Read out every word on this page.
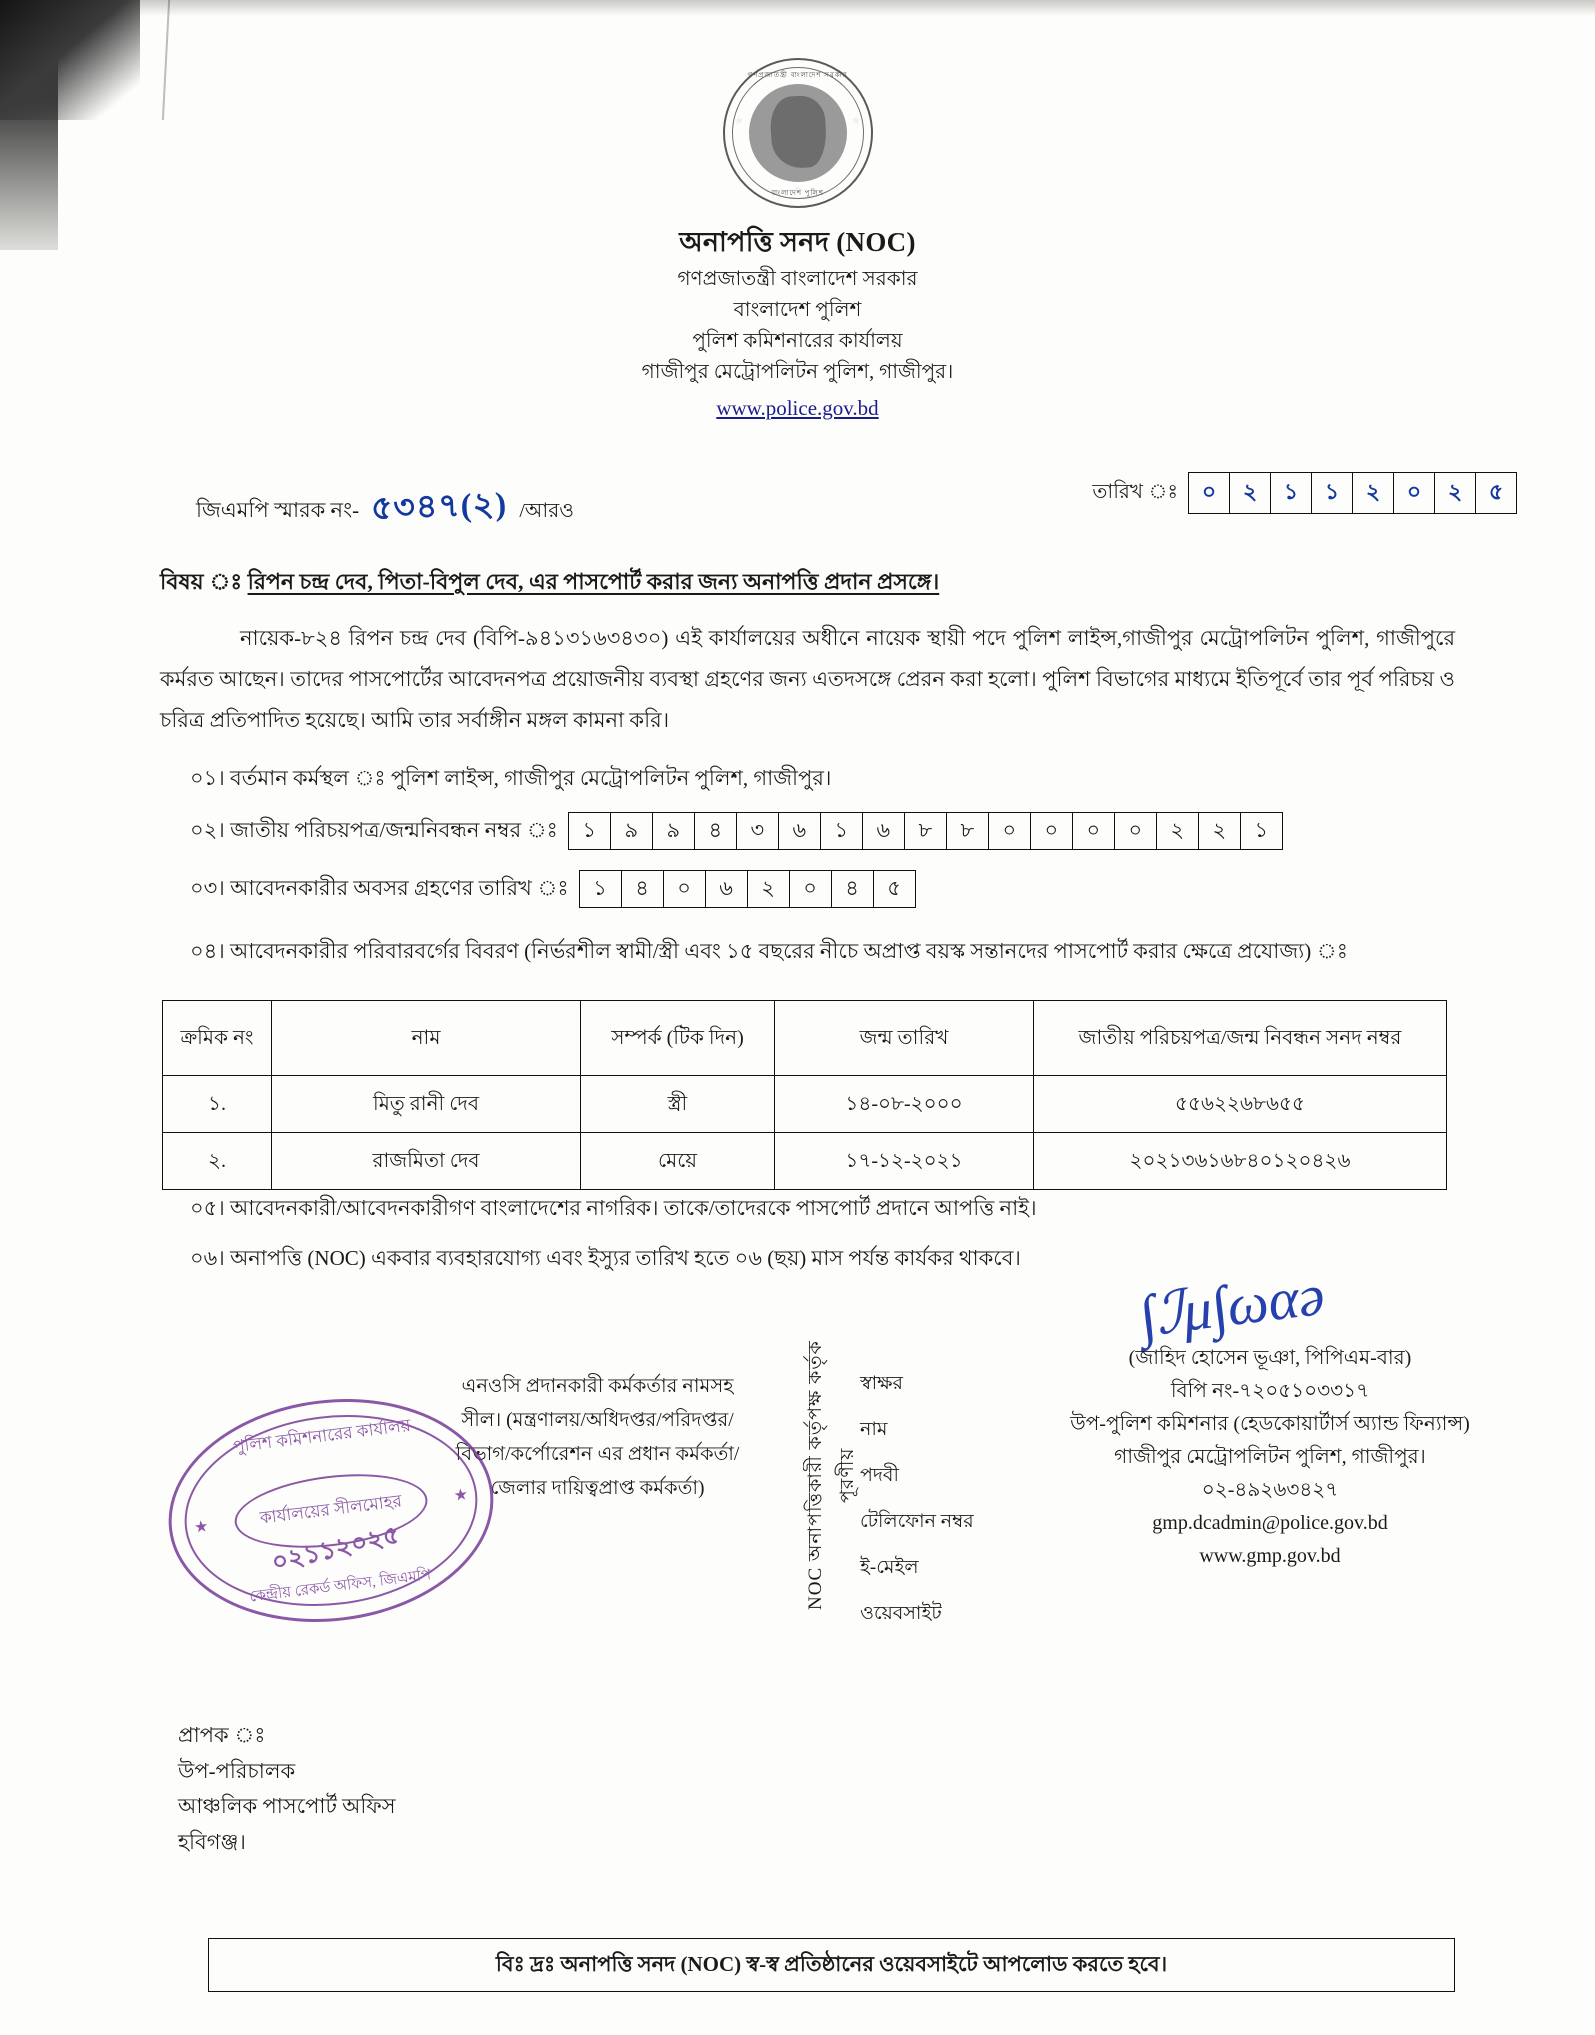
গণপ্রজাতন্ত্রী বাংলাদেশ সরকার
বাংলাদেশ পুলিশ
অনাপত্তি সনদ (NOC)
গণপ্রজাতন্ত্রী বাংলাদেশ সরকার
বাংলাদেশ পুলিশ
পুলিশ কমিশনারের কার্যালয়
গাজীপুর মেট্রোপলিটন পুলিশ, গাজীপুর।
www.police.gov.bd
জিএমপি স্মারক নং- ৫৩৪৭(২) /আরও
তারিখ ঃ	০	২	১	১	২	০	২	৫
বিষয় ঃ রিপন চন্দ্র দেব, পিতা-বিপুল দেব, এর পাসপোর্ট করার জন্য অনাপত্তি প্রদান প্রসঙ্গে।
নায়েক-৮২৪ রিপন চন্দ্র দেব (বিপি-৯৪১৩১৬৩৪৩০) এই কার্যালয়ের অধীনে নায়েক স্থায়ী পদে পুলিশ লাইন্স,গাজীপুর মেট্রোপলিটন পুলিশ, গাজীপুরে কর্মরত আছেন। তাদের পাসপোর্টের আবেদনপত্র প্রয়োজনীয় ব্যবস্থা গ্রহণের জন্য এতদসঙ্গে প্রেরন করা হলো। পুলিশ বিভাগের মাধ্যমে ইতিপূর্বে তার পূর্ব পরিচয় ও চরিত্র প্রতিপাদিত হয়েছে। আমি তার সর্বাঙ্গীন মঙ্গল কামনা করি।
০১। বর্তমান কর্মস্থল ঃ পুলিশ লাইন্স, গাজীপুর মেট্রোপলিটন পুলিশ, গাজীপুর।
০২। জাতীয় পরিচয়পত্র/জন্মনিবন্ধন নম্বর ঃ	১	৯	৯	৪	৩	৬	১	৬	৮	৮	০	০	০	০	২	২	১
০৩। আবেদনকারীর অবসর গ্রহণের তারিখ ঃ	১	৪	০	৬	২	০	৪	৫
০৪। আবেদনকারীর পরিবারবর্গের বিবরণ (নির্ভরশীল স্বামী/স্ত্রী এবং ১৫ বছরের নীচে অপ্রাপ্ত বয়স্ক সন্তানদের পাসপোর্ট করার ক্ষেত্রে প্রযোজ্য) ঃ
ক্রমিক নং	নাম	সম্পর্ক (টিক দিন)	জন্ম তারিখ	জাতীয় পরিচয়পত্র/জন্ম নিবন্ধন সনদ নম্বর
১.	মিতু রানী দেব	স্ত্রী	১৪-০৮-২০০০	৫৫৬২২৬৮৬৫৫
২.	রাজমিতা দেব	মেয়ে	১৭-১২-২০২১	২০২১৩৬১৬৮৪০১২০৪২৬
০৫। আবেদনকারী/আবেদনকারীগণ বাংলাদেশের নাগরিক। তাকে/তাদেরকে পাসপোর্ট প্রদানে আপত্তি নাই।
০৬। অনাপত্তি (NOC) একবার ব্যবহারযোগ্য এবং ইস্যুর তারিখ হতে ০৬ (ছয়) মাস পর্যন্ত কার্যকর থাকবে।
NOC অনাপত্তিকারী কর্তৃপক্ষ কর্তৃক পূরণীয়
এনওসি প্রদানকারী কর্মকর্তার নামসহ সীল। (মন্ত্রণালয়/অধিদপ্তর/পরিদপ্তর/ বিভাগ/কর্পোরেশন এর প্রধান কর্মকর্তা/জেলার দায়িত্বপ্রাপ্ত কর্মকর্তা)
স্বাক্ষর
নাম
পদবী
টেলিফোন নম্বর
ই-মেইল
ওয়েবসাইট
∫ℐμ∫ωαə
(জাহিদ হোসেন ভূঞা, পিপিএম-বার)
বিপি নং-৭২০৫১০৩৩১৭
উপ-পুলিশ কমিশনার (হেডকোয়ার্টার্স অ্যান্ড ফিন্যান্স)
গাজীপুর মেট্রোপলিটন পুলিশ, গাজীপুর।
০২-৪৯২৬৩৪২৭
gmp.dcadmin@police.gov.bd
www.gmp.gov.bd
পুলিশ কমিশনারের কার্যালয়
কার্যালয়ের সীলমোহর
কেন্দ্রীয় রেকর্ড অফিস, জিএমপি
★
★
০২১১২০২৫
প্রাপক ঃ
উপ-পরিচালক
আঞ্চলিক পাসপোর্ট অফিস
হবিগঞ্জ।
বিঃ দ্রঃ অনাপত্তি সনদ (NOC) স্ব-স্ব প্রতিষ্ঠানের ওয়েবসাইটে আপলোড করতে হবে।
